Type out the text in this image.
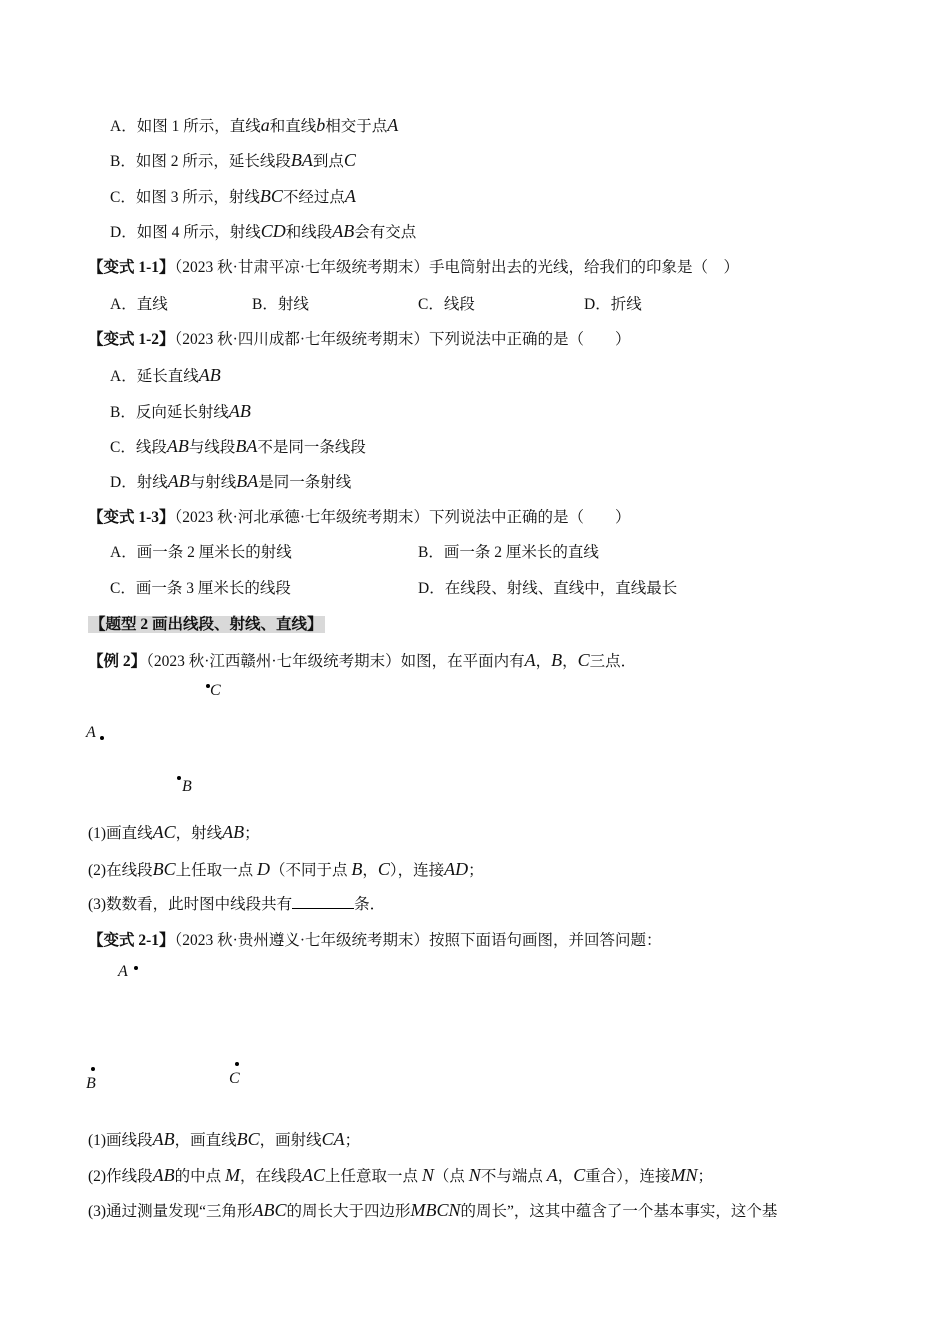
A．如图 1 所示，直线a和直线b相交于点A
B．如图 2 所示，延长线段BA到点C
C．如图 3 所示，射线BC不经过点A
D．如图 4 所示，射线CD和线段AB会有交点
【变式 1-1】（2023 秋·甘肃平凉·七年级统考期末）手电筒射出去的光线，给我们的印象是（　）
A．直线	B．射线	C．线段	D．折线
【变式 1-2】（2023 秋·四川成都·七年级统考期末）下列说法中正确的是（　　）
A．延长直线AB
B．反向延长射线AB
C．线段AB与线段BA不是同一条线段
D．射线AB与射线BA是同一条射线
【变式 1-3】（2023 秋·河北承德·七年级统考期末）下列说法中正确的是（　　）
A．画一条 2 厘米长的射线	B．画一条 2 厘米长的直线
C．画一条 3 厘米长的线段	D．在线段、射线、直线中，直线最长
【题型 2 画出线段、射线、直线】
【例 2】（2023 秋·江西赣州·七年级统考期末）如图，在平面内有A，B，C三点．
C
A
B
(1)画直线AC，射线AB；
(2)在线段BC上任取一点 D（不同于点 B，C），连接AD；
(3)数数看，此时图中线段共有	条．
【变式 2-1】（2023 秋·贵州遵义·七年级统考期末）按照下面语句画图，并回答问题：
A
B	C
(1)画线段AB，画直线BC，画射线CA；
(2)作线段AB的中点 M，在线段AC上任意取一点 N（点 N不与端点 A，C重合），连接MN；
(3)通过测量发现“三角形ABC的周长大于四边形MBCN的周长”，这其中蕴含了一个基本事实，这个基
